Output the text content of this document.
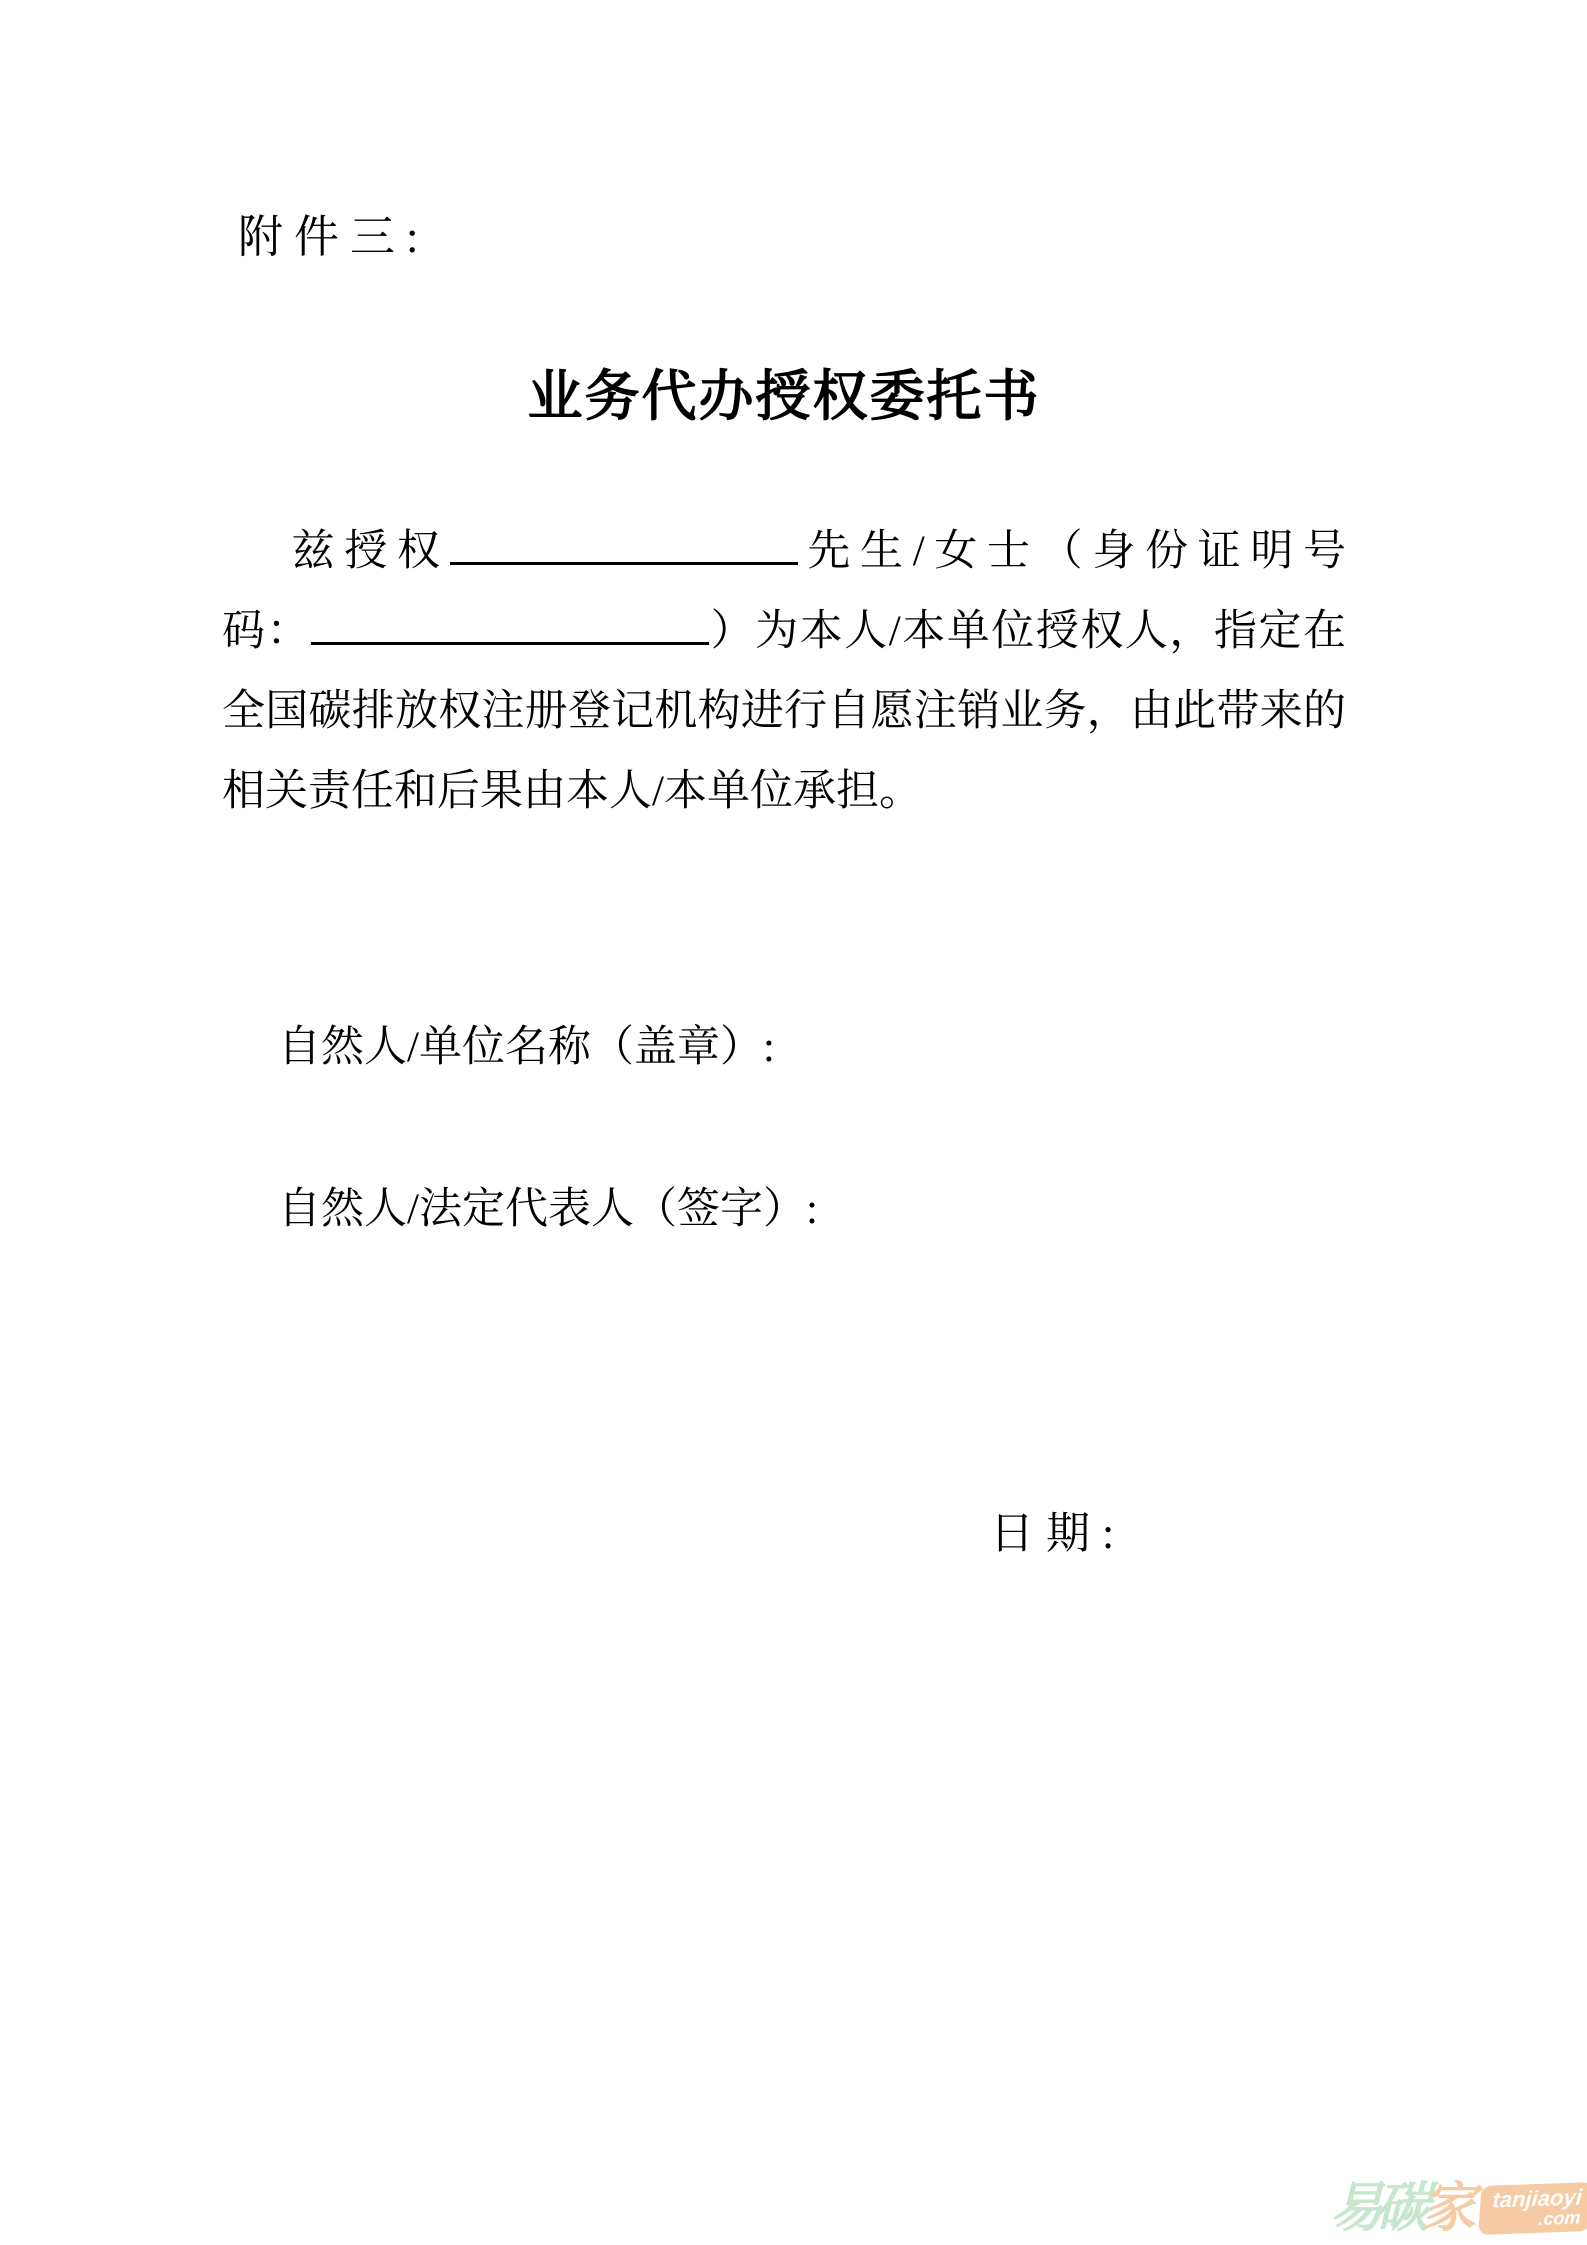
附件三:
业务代办授权委托书
兹授权	先生/女士（身份证明号
码：	）为本人/本单位授权人，指定在
全国碳排放权注册登记机构进行自愿注销业务，由此带来的
相关责任和后果由本人/本单位承担。
自然人/单位名称（盖章）:
自然人/法定代表人（签字）:
日期:
易 碳 家 tanjiaoyi
.com
